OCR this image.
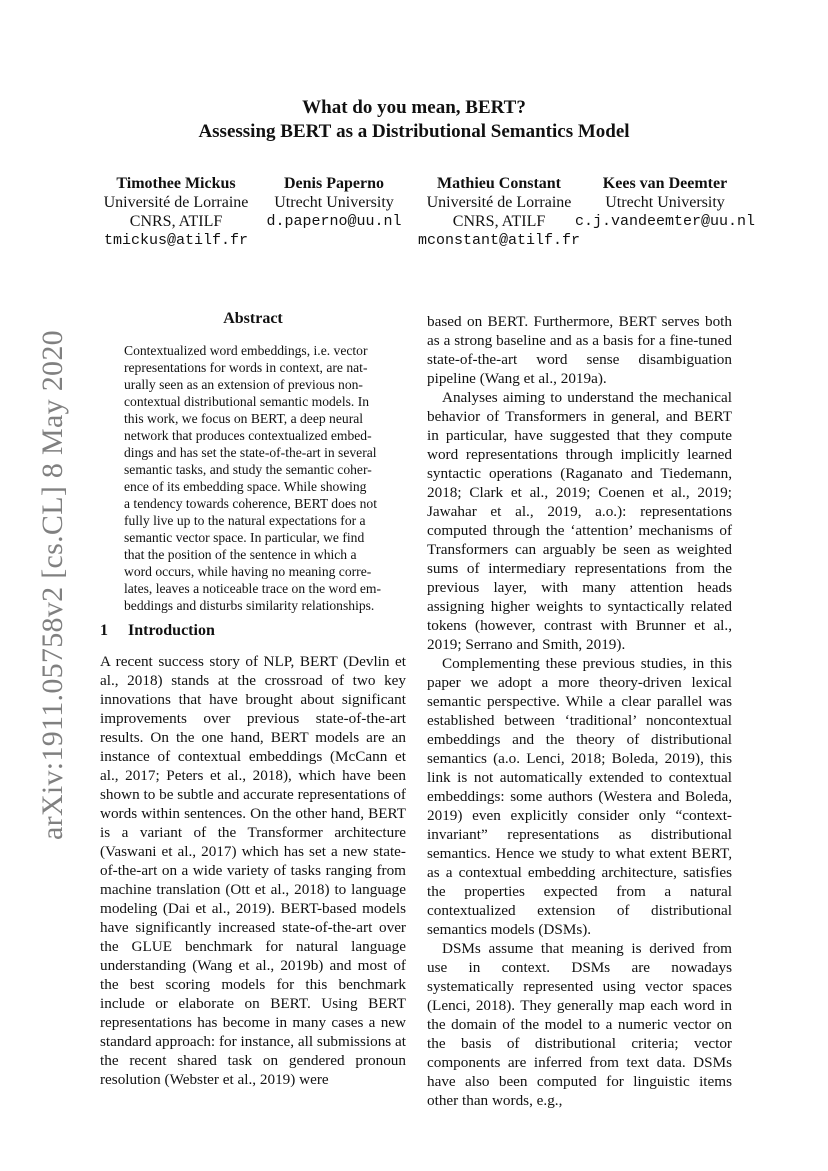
arXiv:1911.05758v2 [cs.CL] 8 May 2020
What do you mean, BERT?
Assessing BERT as a Distributional Semantics Model
Timothee Mickus
Université de Lorraine
CNRS, ATILF
tmickus@atilf.fr
Denis Paperno
Utrecht University
d.paperno@uu.nl
Mathieu Constant
Université de Lorraine
CNRS, ATILF
mconstant@atilf.fr
Kees van Deemter
Utrecht University
c.j.vandeemter@uu.nl
Abstract
Contextualized word embeddings, i.e. vector
representations for words in context, are nat-
urally seen as an extension of previous non-
contextual distributional semantic models. In
this work, we focus on BERT, a deep neural
network that produces contextualized embed-
dings and has set the state-of-the-art in several
semantic tasks, and study the semantic coher-
ence of its embedding space. While showing
a tendency towards coherence, BERT does not
fully live up to the natural expectations for a
semantic vector space. In particular, we find
that the position of the sentence in which a
word occurs, while having no meaning corre-
lates, leaves a noticeable trace on the word em-
beddings and disturbs similarity relationships.
1 Introduction

A recent success story of NLP, BERT (Devlin et al., 2018) stands at the crossroad of two key innovations that have brought about significant improvements over previous state-of-the-art results. On the one hand, BERT models are an instance of contextual embeddings (McCann et al., 2017; Peters et al., 2018), which have been shown to be subtle and accurate representations of words within sentences. On the other hand, BERT is a variant of the Transformer architecture (Vaswani et al., 2017) which has set a new state-of-the-art on a wide variety of tasks ranging from machine translation (Ott et al., 2018) to language modeling (Dai et al., 2019). BERT-based models have significantly increased state-of-the-art over the GLUE benchmark for natural language understanding (Wang et al., 2019b) and most of the best scoring models for this benchmark include or elaborate on BERT. Using BERT representations has become in many cases a new standard approach: for instance, all submissions at the recent shared task on gendered pronoun resolution (Webster et al., 2019) were

based on BERT. Furthermore, BERT serves both as a strong baseline and as a basis for a fine-tuned state-of-the-art word sense disambiguation pipeline (Wang et al., 2019a).

Analyses aiming to understand the mechanical behavior of Transformers in general, and BERT in particular, have suggested that they compute word representations through implicitly learned syntactic operations (Raganato and Tiedemann, 2018; Clark et al., 2019; Coenen et al., 2019; Jawahar et al., 2019, a.o.): representations computed through the ‘attention’ mechanisms of Transformers can arguably be seen as weighted sums of intermediary representations from the previous layer, with many attention heads assigning higher weights to syntactically related tokens (however, contrast with Brunner et al., 2019; Serrano and Smith, 2019).

Complementing these previous studies, in this paper we adopt a more theory-driven lexical semantic perspective. While a clear parallel was established between ‘traditional’ noncontextual embeddings and the theory of distributional semantics (a.o. Lenci, 2018; Boleda, 2019), this link is not automatically extended to contextual embeddings: some authors (Westera and Boleda, 2019) even explicitly consider only “context-invariant” representations as distributional semantics. Hence we study to what extent BERT, as a contextual embedding architecture, satisfies the properties expected from a natural contextualized extension of distributional semantics models (DSMs).

DSMs assume that meaning is derived from use in context. DSMs are nowadays systematically represented using vector spaces (Lenci, 2018). They generally map each word in the domain of the model to a numeric vector on the basis of distributional criteria; vector components are inferred from text data. DSMs have also been computed for linguistic items other than words, e.g.,
